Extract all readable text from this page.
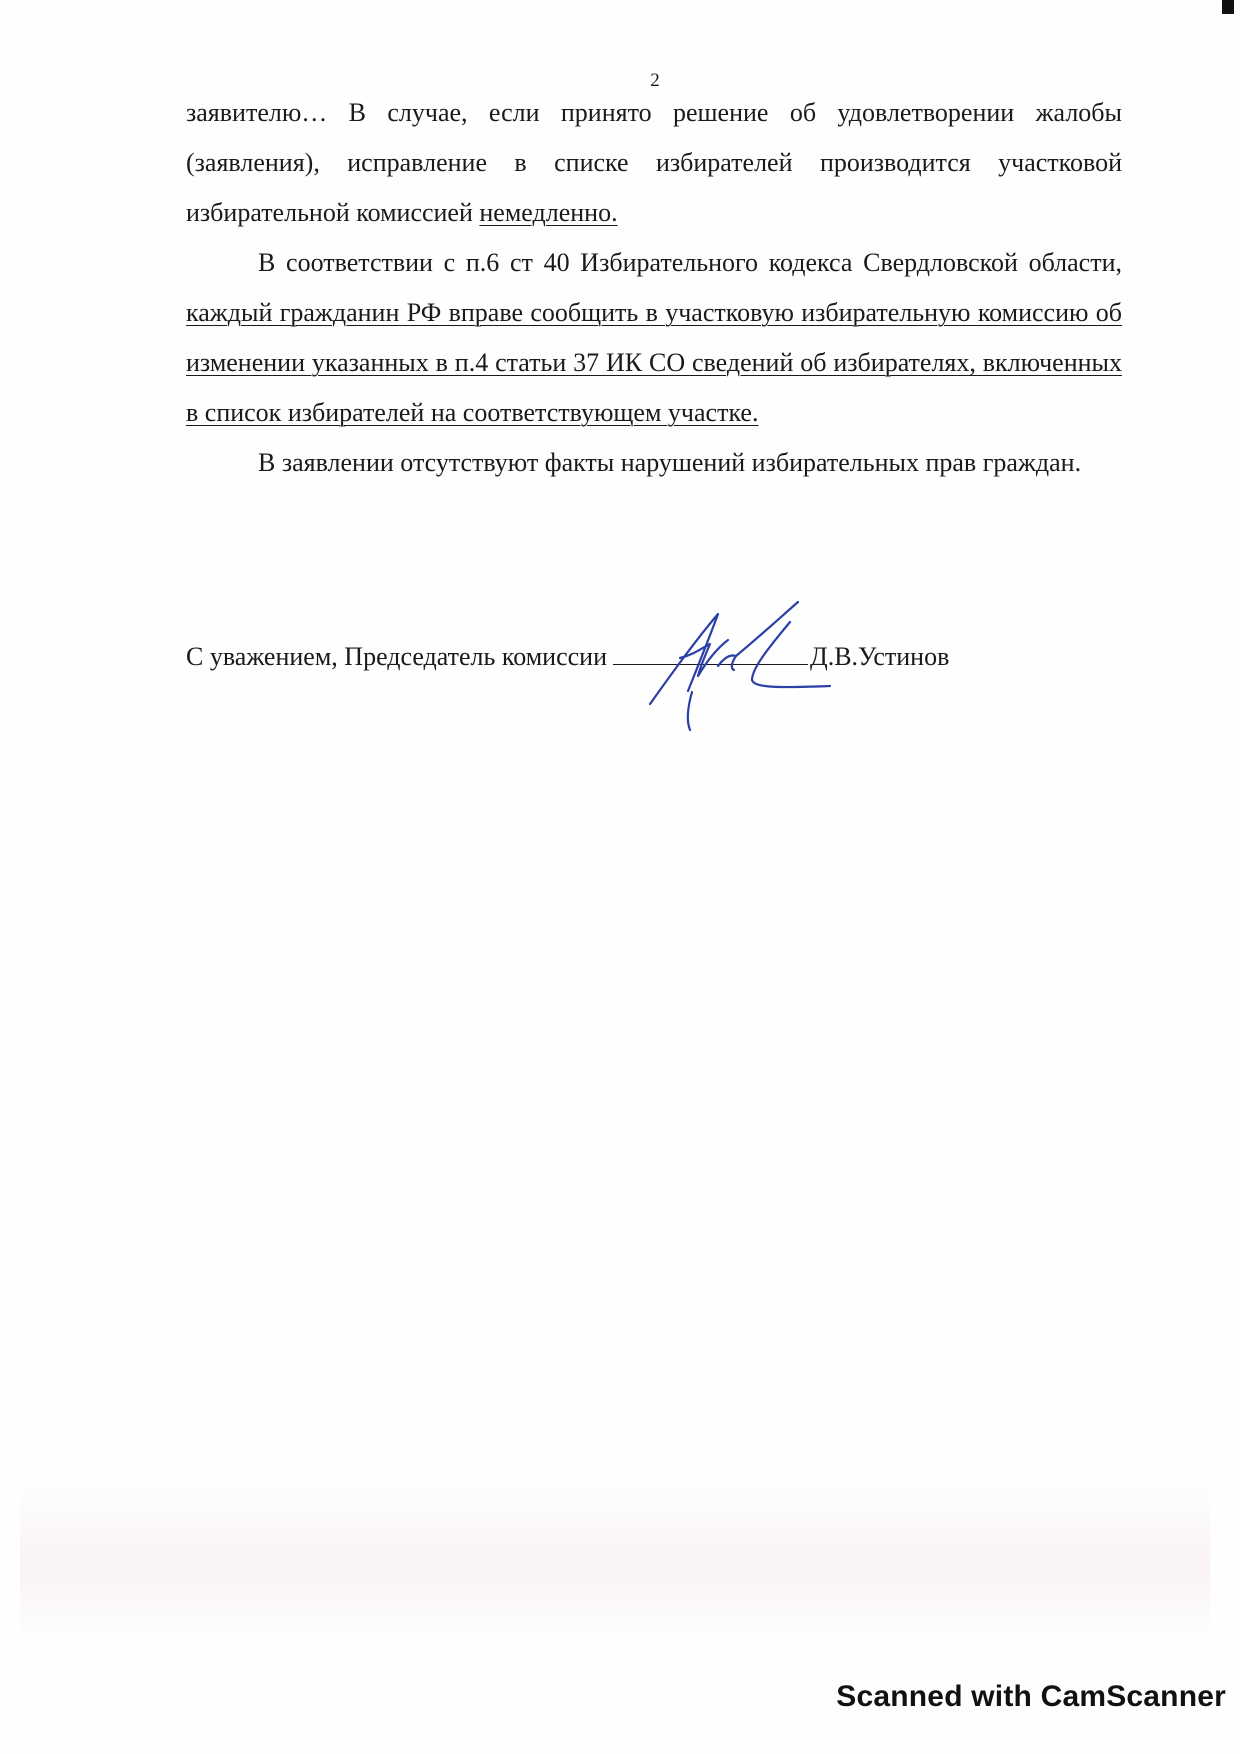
2

заявителю… В случае, если принято решение об удовлетворении жалобы (заявления), исправление в списке избирателей производится участковой избирательной комиссией немедленно.

В соответствии с п.6 ст 40 Избирательного кодекса Свердловской области, каждый гражданин РФ вправе сообщить в участковую избирательную комиссию об изменении указанных в п.4 статьи 37 ИК СО сведений об избирателях, включенных в список избирателей на соответствующем участке.

В заявлении отсутствуют факты нарушений избирательных прав граждан.

С уважением, Председатель комиссии	Д.В.Устинов
Scanned with CamScanner
